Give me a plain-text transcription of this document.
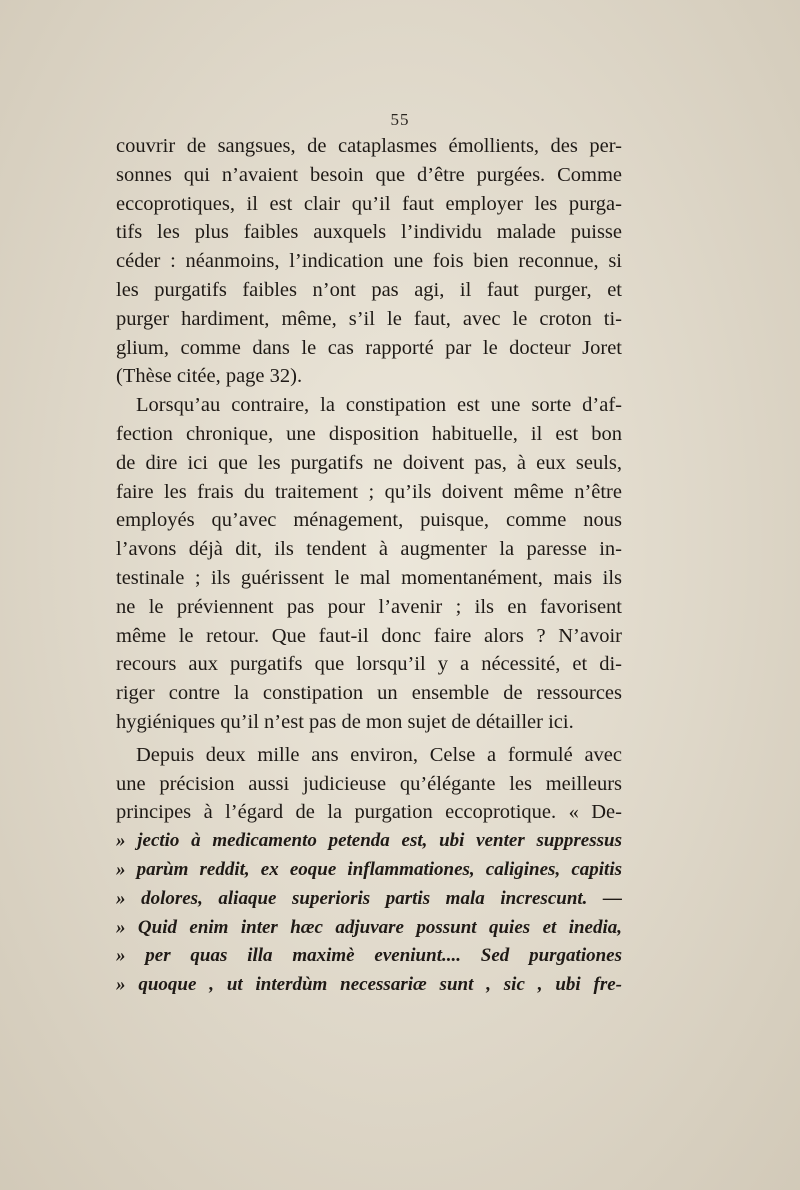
55
couvrir de sangsues, de cataplasmes émollients, des per-
sonnes qui n’avaient besoin que d’être purgées. Comme
eccoprotiques, il est clair qu’il faut employer les purga-
tifs les plus faibles auxquels l’individu malade puisse
céder : néanmoins, l’indication une fois bien reconnue, si
les purgatifs faibles n’ont pas agi, il faut purger, et
purger hardiment, même, s’il le faut, avec le croton ti-
glium, comme dans le cas rapporté par le docteur Joret
(Thèse citée, page 32).
Lorsqu’au contraire, la constipation est une sorte d’af-
fection chronique, une disposition habituelle, il est bon
de dire ici que les purgatifs ne doivent pas, à eux seuls,
faire les frais du traitement ; qu’ils doivent même n’être
employés qu’avec ménagement, puisque, comme nous
l’avons déjà dit, ils tendent à augmenter la paresse in-
testinale ; ils guérissent le mal momentanément, mais ils
ne le préviennent pas pour l’avenir ; ils en favorisent
même le retour. Que faut-il donc faire alors ? N’avoir
recours aux purgatifs que lorsqu’il y a nécessité, et di-
riger contre la constipation un ensemble de ressources
hygiéniques qu’il n’est pas de mon sujet de détailler ici.
Depuis deux mille ans environ, Celse a formulé avec
une précision aussi judicieuse qu’élégante les meilleurs
principes à l’égard de la purgation eccoprotique. « De-
» jectio à medicamento petenda est, ubi venter suppressus
» parùm reddit, ex eoque inflammationes, caligines, capitis
» dolores, aliaque superioris partis mala increscunt. —
» Quid enim inter hæc adjuvare possunt quies et inedia,
» per quas illa maximè eveniunt.... Sed purgationes
» quoque , ut interdùm necessariæ sunt , sic , ubi fre-
